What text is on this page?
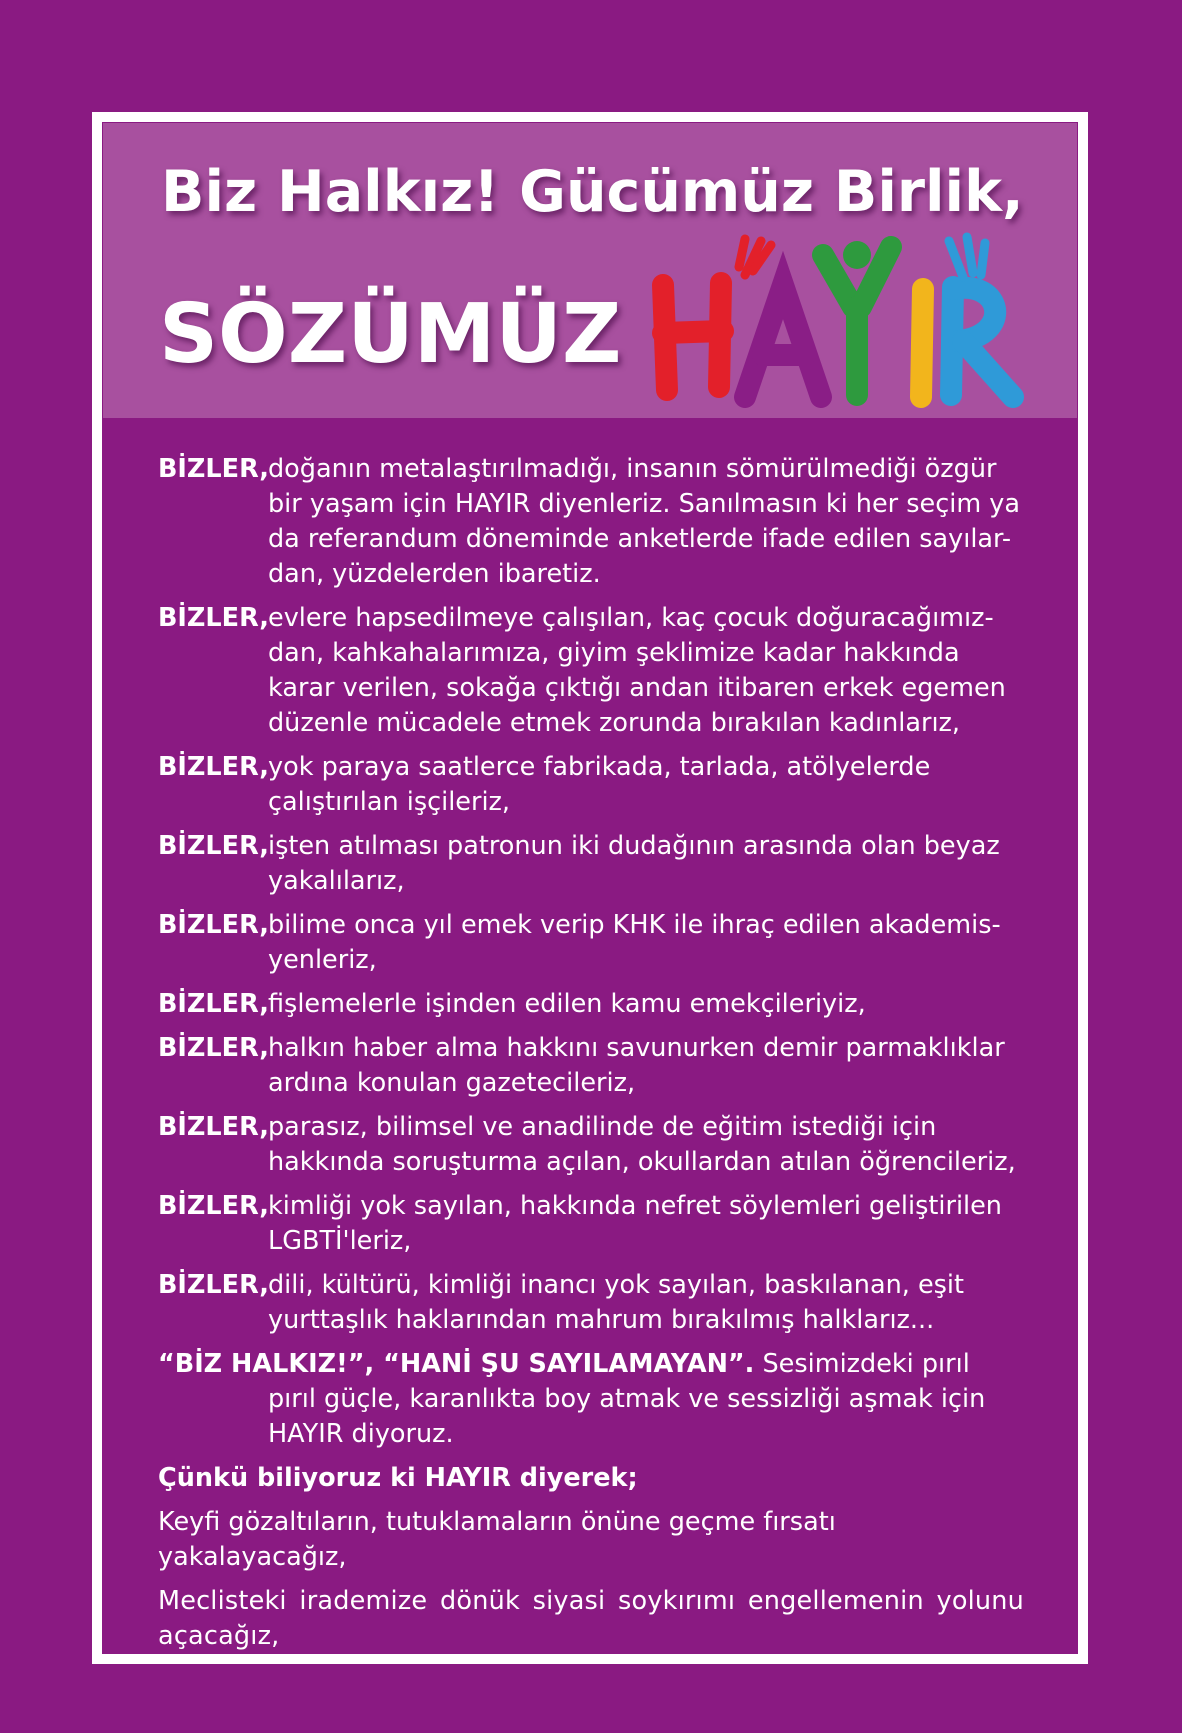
Biz Halkız! Gücümüz Birlik,
SÖZÜMÜZ
BİZLER, doğanın metalaştırılmadığı, insanın sömürülmediği özgür bir yaşam için HAYIR diyenleriz. Sanılmasın ki her seçim ya da referandum döneminde anketlerde ifade edilen sayılar-dan, yüzdelerden ibaretiz.
BİZLER, evlere hapsedilmeye çalışılan, kaç çocuk doğuracağımız-dan, kahkahalarımıza, giyim şeklimize kadar hakkında karar verilen, sokağa çıktığı andan itibaren erkek egemen düzenle mücadele etmek zorunda bırakılan kadınlarız,
BİZLER, yok paraya saatlerce fabrikada, tarlada, atölyelerde çalıştırılan işçileriz,
BİZLER, işten atılması patronun iki dudağının arasında olan beyaz yakalılarız,
BİZLER, bilime onca yıl emek verip KHK ile ihraç edilen akademis-yenleriz,
BİZLER, fişlemelerle işinden edilen kamu emekçileriyiz,
BİZLER, halkın haber alma hakkını savunurken demir parmaklıklar ardına konulan gazetecileriz,
BİZLER, parasız, bilimsel ve anadilinde de eğitim istediği için hakkında soruşturma açılan, okullardan atılan öğrencileriz,
BİZLER, kimliği yok sayılan, hakkında nefret söylemleri geliştirilen LGBTİ'leriz,
BİZLER, dili, kültürü, kimliği inancı yok sayılan, baskılanan, eşit yurttaşlık haklarından mahrum bırakılmış halklarız...
“BİZ HALKIZ!”, “HANİ ŞU SAYILAMAYAN”. Sesimizdeki pırıl pırıl güçle, karanlıkta boy atmak ve sessizliği aşmak için HAYIR diyoruz.
Çünkü biliyoruz ki HAYIR diyerek;
Keyfi gözaltıların, tutuklamaların önüne geçme fırsatı yakalayacağız,
Meclisteki irademize dönük siyasi soykırımı engellemenin yolunu açacağız,
